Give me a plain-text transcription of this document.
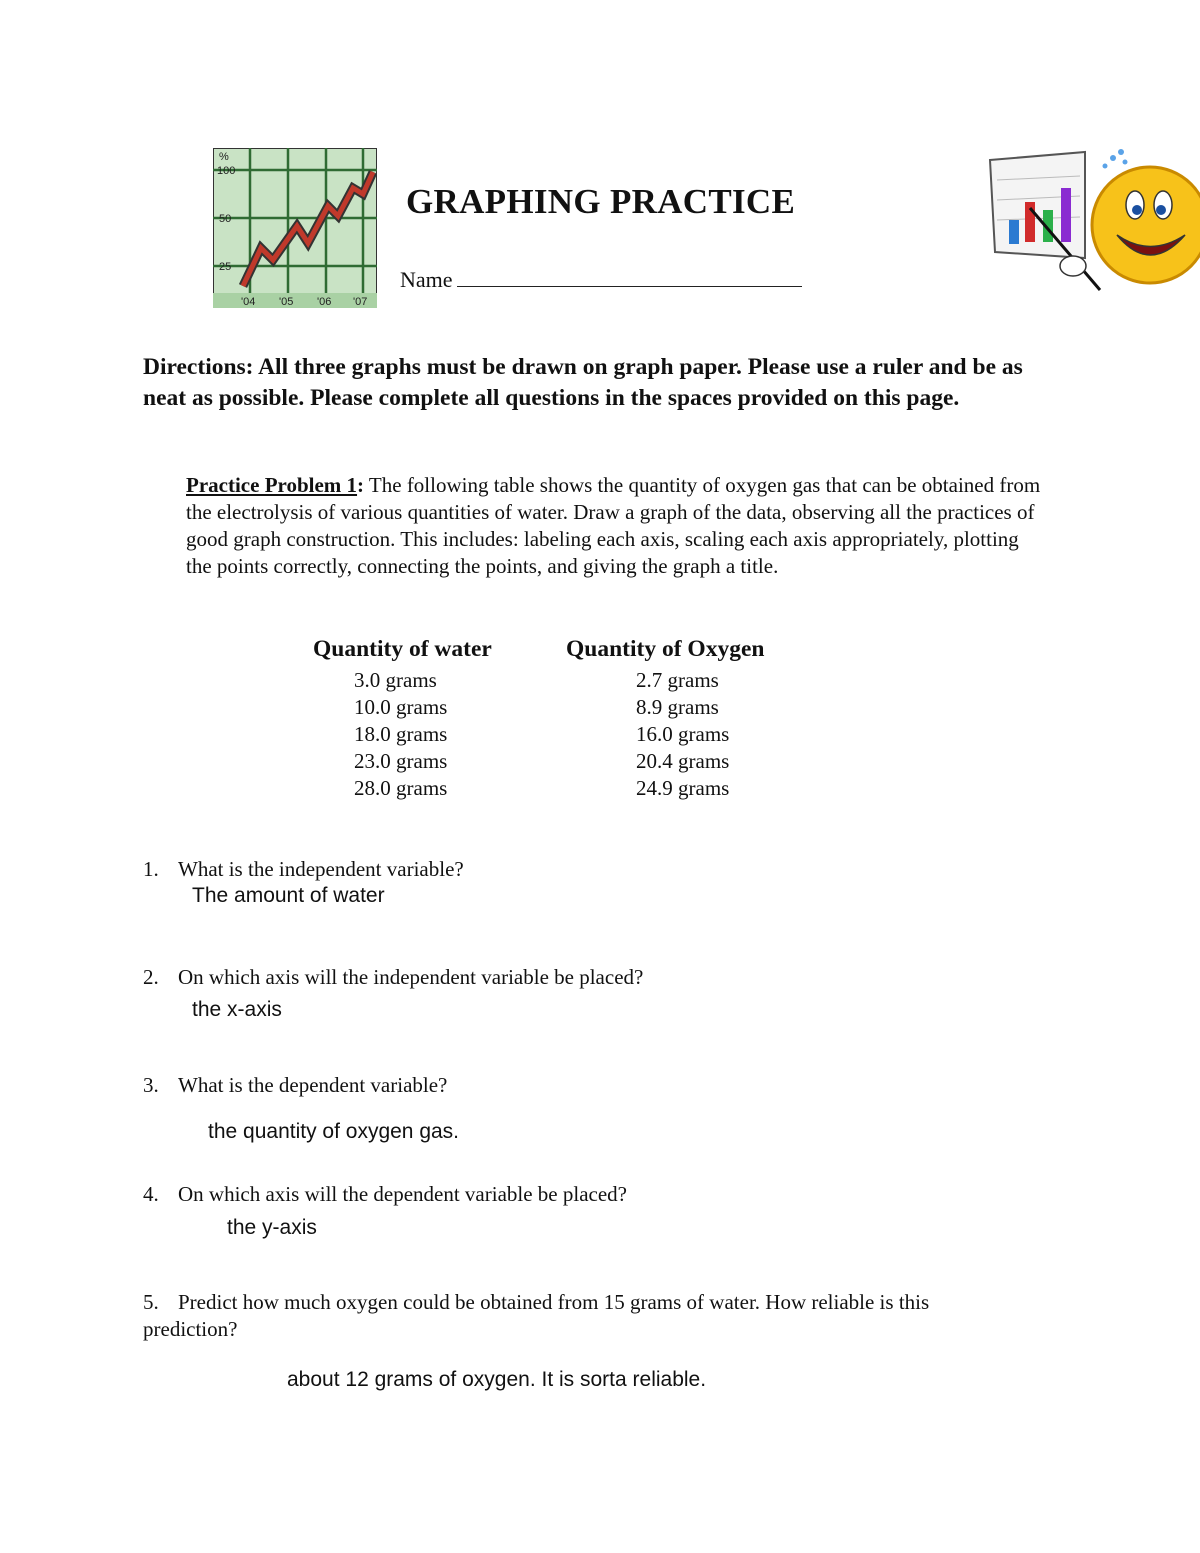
%
100
50
25
'04 '05 '06 '07
GRAPHING PRACTICE
Name
Directions: All three graphs must be drawn on graph paper. Please use a ruler and be as neat as possible. Please complete all questions in the spaces provided on this page.
Practice Problem 1: The following table shows the quantity of oxygen gas that can be obtained from the electrolysis of various quantities of water. Draw a graph of the data, observing all the practices of good graph construction. This includes: labeling each axis, scaling each axis appropriately, plotting the points correctly, connecting the points, and giving the graph a title.
Quantity of water	Quantity of Oxygen
3.0 grams	2.7 grams
10.0 grams	8.9 grams
18.0 grams	16.0 grams
23.0 grams	20.4 grams
28.0 grams	24.9 grams
1. What is the independent variable?
The amount of water
2. On which axis will the independent variable be placed?
the x-axis
3. What is the dependent variable?
the quantity of oxygen gas.
4. On which axis will the dependent variable be placed?
the y-axis
5. Predict how much oxygen could be obtained from 15 grams of water. How reliable is this
prediction?
about 12 grams of oxygen. It is sorta reliable.
